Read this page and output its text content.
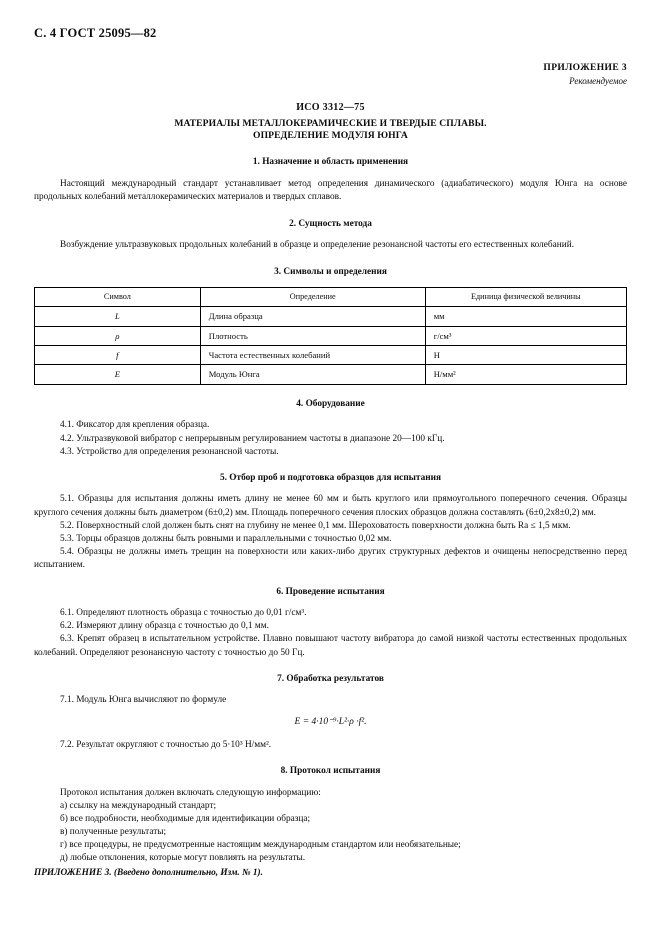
С. 4 ГОСТ 25095—82
ПРИЛОЖЕНИЕ 3
Рекомендуемое
ИСО 3312—75
МАТЕРИАЛЫ МЕТАЛЛОКЕРАМИЧЕСКИЕ И ТВЕРДЫЕ СПЛАВЫ.
ОПРЕДЕЛЕНИЕ МОДУЛЯ ЮНГА
1. Назначение и область применения

Настоящий международный стандарт устанавливает метод определения динамического (адиабатического) модуля Юнга на основе продольных колебаний металлокерамических материалов и твердых сплавов.

2. Сущность метода

Возбуждение ультразвуковых продольных колебаний в образце и определение резонансной частоты его естественных колебаний.

3. Символы и определения
Символ	Определение	Единица физической величины
L	Длина образца	мм
ρ	Плотность	г/см³
f	Частота естественных колебаний	Н
E	Модуль Юнга	Н/мм²
4. Оборудование

4.1. Фиксатор для крепления образца.

4.2. Ультразвуковой вибратор с непрерывным регулированием частоты в диапазоне 20—100 кГц.

4.3. Устройство для определения резонансной частоты.

5. Отбор проб и подготовка образцов для испытания

5.1. Образцы для испытания должны иметь длину не менее 60 мм и быть круглого или прямоугольного поперечного сечения. Образцы круглого сечения должны быть диаметром (6±0,2) мм. Площадь поперечного сечения плоских образцов должна составлять (6±0,2х8±0,2) мм.

5.2. Поверхностный слой должен быть снят на глубину не менее 0,1 мм. Шероховатость поверхности должна быть Ra ≤ 1,5 мкм.

5.3. Торцы образцов должны быть ровными и параллельными с точностью 0,02 мм.

5.4. Образцы не должны иметь трещин на поверхности или каких-либо других структурных дефектов и очищены непосредственно перед испытанием.

6. Проведение испытания

6.1. Определяют плотность образца с точностью до 0,01 г/см³.

6.2. Измеряют длину образца с точностью до 0,1 мм.

6.3. Крепят образец в испытательном устройстве. Плавно повышают частоту вибратора до самой низкой частоты естественных продольных колебаний. Определяют резонансную частоту с точностью до 50 Гц.

7. Обработка результатов

7.1. Модуль Юнга вычисляют по формуле

E = 4·10⁻⁹·L²·ρ ·f².

7.2. Результат округляют с точностью до 5·10³ Н/мм².

8. Протокол испытания

Протокол испытания должен включать следующую информацию:

а) ссылку на международный стандарт;

б) все подробности, необходимые для идентификации образца;

в) полученные результаты;

г) все процедуры, не предусмотренные настоящим международным стандартом или необязательные;

д) любые отклонения, которые могут повлиять на результаты.

ПРИЛОЖЕНИЕ 3. (Введено дополнительно, Изм. № 1).
